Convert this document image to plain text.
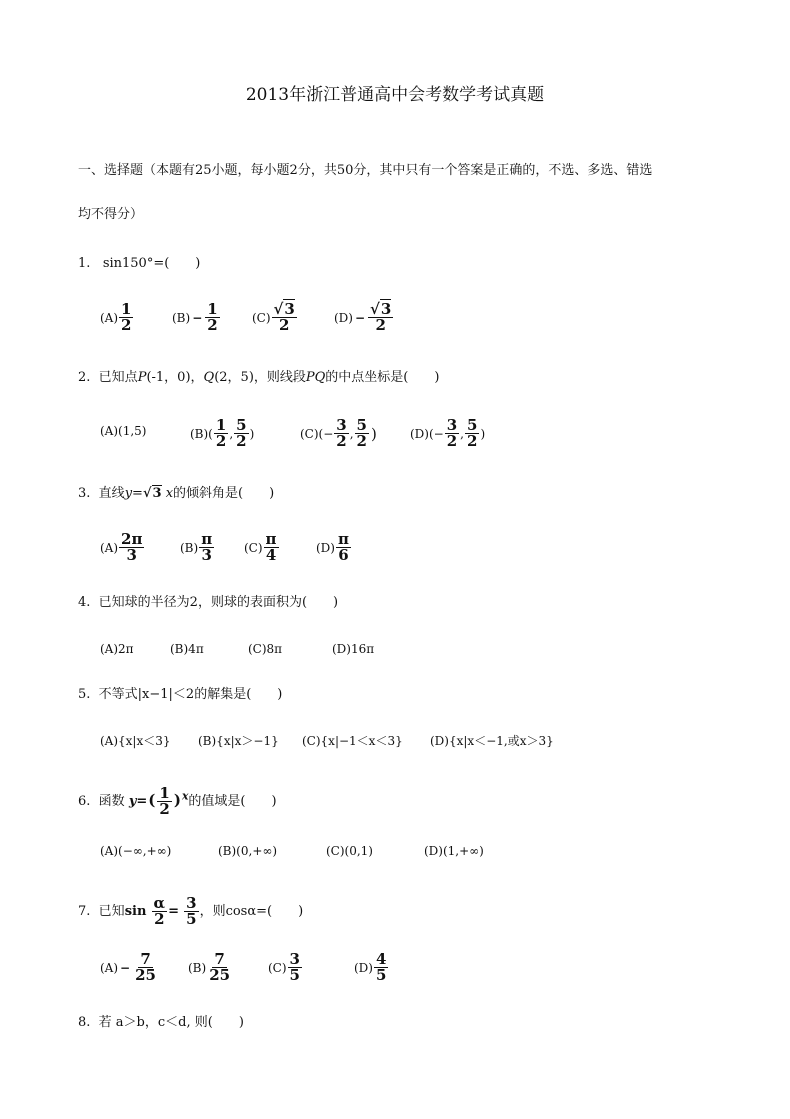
2013年浙江普通高中会考数学考试真题
一、选择题（本题有25小题，每小题2分，共50分，其中只有一个答案是正确的，不选、多选、错选
均不得分）
1. sin150°=(　　)
$(A) \frac{1}{2}$	$(B) - \frac{1}{2}$	$(C) \frac{√3}{2}$	$(D) - \frac{√3}{2}$
2. 已知点P(-1，0)，Q(2，5)，则线段PQ的中点坐标是(　　)
(A)(1,5)	$(B)( \frac{1}{2}$ , $\frac{5}{2}$ )	$(C)(- \frac{3}{2}$ , $\frac{5}{2}$ )	$(D)(- \frac{3}{2}$ , $\frac{5}{2}$ )
3. 直线y=√3 x的倾斜角是(　　)
$(A) \frac{2\pi}{3}$	$(B) \frac{\pi}{3} (C) \frac{\pi}{4}$	$(D) \frac{\pi}{6}$
4. 已知球的半径为2，则球的表面积为(　　)
(A)2π	(B)4π	(C)8π	(D)16π
5. 不等式|x−1|＜2的解集是(　　)
(A){x|x＜3} (B){x|x＞−1} (C){x|−1＜x＜3} (D){x|x＜−1,或x＞3}
6. 函数 $y=( \frac{1}{2} )^x$的值域是(　　)
(A)(−∞,+∞)	(B)(0,+∞)	(C)(0,1)	(D)(1,+∞)
7. 已知$\sin \frac{\alpha}{2} = \frac{3}{5}$ ，则cosα=(　　)
$(A) - \frac{7}{25}$	$(B) \frac{7}{25}$	$(C) \frac{3}{5}$	$(D) \frac{4}{5}$
8. 若 a＞b，c＜d, 则(　　)
